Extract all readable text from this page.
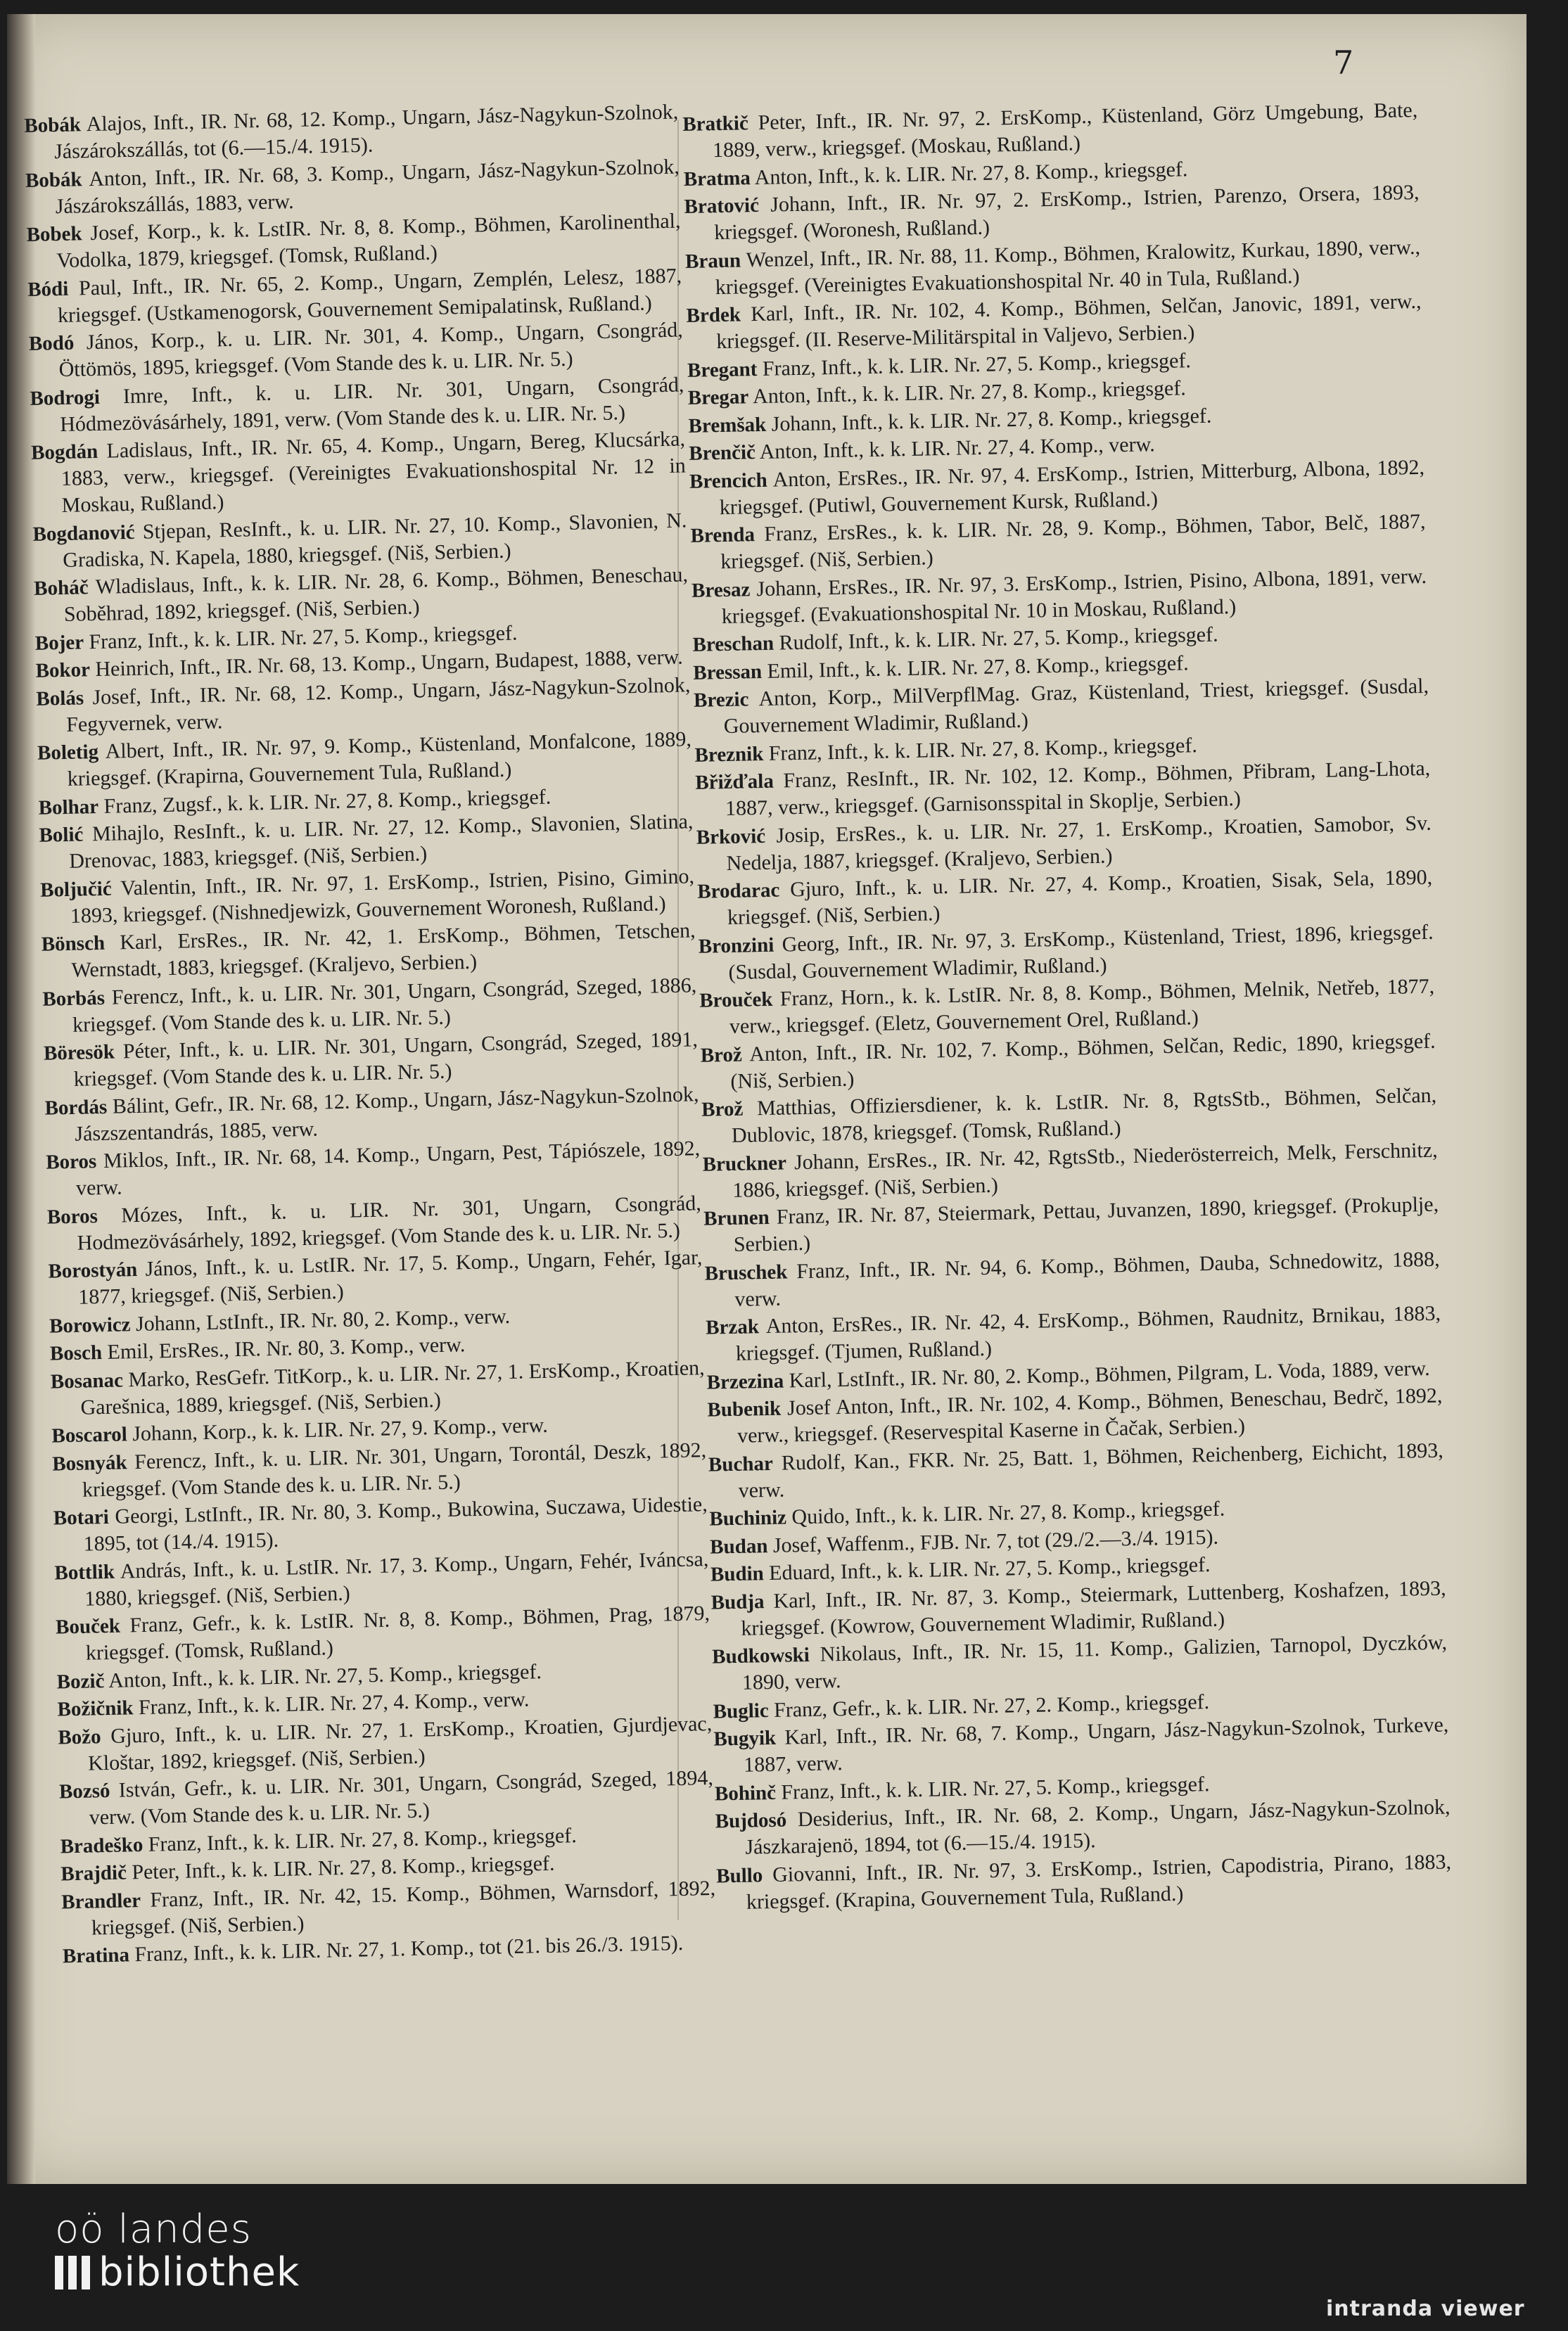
7
Bobák Alajos, Inft., IR. Nr. 68, 12. Komp., Ungarn, Jász-Nagykun-Szolnok, Jászárokszállás, tot (6.—15./4. 1915).
Bobák Anton, Inft., IR. Nr. 68, 3. Komp., Ungarn, Jász-Nagykun-Szolnok, Jászárokszállás, 1883, verw.
Bobek Josef, Korp., k. k. LstIR. Nr. 8, 8. Komp., Böhmen, Karolinenthal, Vodolka, 1879, kriegsgef. (Tomsk, Rußland.)
Bódi Paul, Inft., IR. Nr. 65, 2. Komp., Ungarn, Zemplén, Lelesz, 1887, kriegsgef. (Ustkamenogorsk, Gouvernement Semipalatinsk, Rußland.)
Bodó János, Korp., k. u. LIR. Nr. 301, 4. Komp., Ungarn, Csongrád, Öttömös, 1895, kriegsgef. (Vom Stande des k. u. LIR. Nr. 5.)
Bodrogi Imre, Inft., k. u. LIR. Nr. 301, Ungarn, Csongrád, Hódmezövásárhely, 1891, verw. (Vom Stande des k. u. LIR. Nr. 5.)
Bogdán Ladislaus, Inft., IR. Nr. 65, 4. Komp., Ungarn, Bereg, Klucsárka, 1883, verw., kriegsgef. (Vereinigtes Evakuationshospital Nr. 12 in Moskau, Rußland.)
Bogdanović Stjepan, ResInft., k. u. LIR. Nr. 27, 10. Komp., Slavonien, N. Gradiska, N. Kapela, 1880, kriegsgef. (Niš, Serbien.)
Boháč Wladislaus, Inft., k. k. LIR. Nr. 28, 6. Komp., Böhmen, Beneschau, Soběhrad, 1892, kriegsgef. (Niš, Serbien.)
Bojer Franz, Inft., k. k. LIR. Nr. 27, 5. Komp., kriegsgef.
Bokor Heinrich, Inft., IR. Nr. 68, 13. Komp., Ungarn, Budapest, 1888, verw.
Bolás Josef, Inft., IR. Nr. 68, 12. Komp., Ungarn, Jász-Nagykun-Szolnok, Fegyvernek, verw.
Boletig Albert, Inft., IR. Nr. 97, 9. Komp., Küstenland, Monfalcone, 1889, kriegsgef. (Krapirna, Gouvernement Tula, Rußland.)
Bolhar Franz, Zugsf., k. k. LIR. Nr. 27, 8. Komp., kriegsgef.
Bolić Mihajlo, ResInft., k. u. LIR. Nr. 27, 12. Komp., Slavonien, Slatina, Drenovac, 1883, kriegsgef. (Niš, Serbien.)
Boljučić Valentin, Inft., IR. Nr. 97, 1. ErsKomp., Istrien, Pisino, Gimino, 1893, kriegsgef. (Nishnedjewizk, Gouvernement Woronesh, Rußland.)
Bönsch Karl, ErsRes., IR. Nr. 42, 1. ErsKomp., Böhmen, Tetschen, Wernstadt, 1883, kriegsgef. (Kraljevo, Serbien.)
Borbás Ferencz, Inft., k. u. LIR. Nr. 301, Ungarn, Csongrád, Szeged, 1886, kriegsgef. (Vom Stande des k. u. LIR. Nr. 5.)
Böresök Péter, Inft., k. u. LIR. Nr. 301, Ungarn, Csongrád, Szeged, 1891, kriegsgef. (Vom Stande des k. u. LIR. Nr. 5.)
Bordás Bálint, Gefr., IR. Nr. 68, 12. Komp., Ungarn, Jász-Nagykun-Szolnok, Jászszentandrás, 1885, verw.
Boros Miklos, Inft., IR. Nr. 68, 14. Komp., Ungarn, Pest, Tápiószele, 1892, verw.
Boros Mózes, Inft., k. u. LIR. Nr. 301, Ungarn, Csongrád, Hodmezövásárhely, 1892, kriegsgef. (Vom Stande des k. u. LIR. Nr. 5.)
Borostyán János, Inft., k. u. LstIR. Nr. 17, 5. Komp., Ungarn, Fehér, Igar, 1877, kriegsgef. (Niš, Serbien.)
Borowicz Johann, LstInft., IR. Nr. 80, 2. Komp., verw.
Bosch Emil, ErsRes., IR. Nr. 80, 3. Komp., verw.
Bosanac Marko, ResGefr. TitKorp., k. u. LIR. Nr. 27, 1. ErsKomp., Kroatien, Garešnica, 1889, kriegsgef. (Niš, Serbien.)
Boscarol Johann, Korp., k. k. LIR. Nr. 27, 9. Komp., verw.
Bosnyák Ferencz, Inft., k. u. LIR. Nr. 301, Ungarn, Torontál, Deszk, 1892, kriegsgef. (Vom Stande des k. u. LIR. Nr. 5.)
Botari Georgi, LstInft., IR. Nr. 80, 3. Komp., Bukowina, Suczawa, Uidestie, 1895, tot (14./4. 1915).
Bottlik András, Inft., k. u. LstIR. Nr. 17, 3. Komp., Ungarn, Fehér, Iváncsa, 1880, kriegsgef. (Niš, Serbien.)
Bouček Franz, Gefr., k. k. LstIR. Nr. 8, 8. Komp., Böhmen, Prag, 1879, kriegsgef. (Tomsk, Rußland.)
Bozič Anton, Inft., k. k. LIR. Nr. 27, 5. Komp., kriegsgef.
Božičnik Franz, Inft., k. k. LIR. Nr. 27, 4. Komp., verw.
Božo Gjuro, Inft., k. u. LIR. Nr. 27, 1. ErsKomp., Kroatien, Gjurdjevac, Kloštar, 1892, kriegsgef. (Niš, Serbien.)
Bozsó István, Gefr., k. u. LIR. Nr. 301, Ungarn, Csongrád, Szeged, 1894, verw. (Vom Stande des k. u. LIR. Nr. 5.)
Bradeško Franz, Inft., k. k. LIR. Nr. 27, 8. Komp., kriegsgef.
Brajdič Peter, Inft., k. k. LIR. Nr. 27, 8. Komp., kriegsgef.
Brandler Franz, Inft., IR. Nr. 42, 15. Komp., Böhmen, Warnsdorf, 1892, kriegsgef. (Niš, Serbien.)
Bratina Franz, Inft., k. k. LIR. Nr. 27, 1. Komp., tot (21. bis 26./3. 1915).
Bratkič Peter, Inft., IR. Nr. 97, 2. ErsKomp., Küstenland, Görz Umgebung, Bate, 1889, verw., kriegsgef. (Moskau, Rußland.)
Bratma Anton, Inft., k. k. LIR. Nr. 27, 8. Komp., kriegsgef.
Bratović Johann, Inft., IR. Nr. 97, 2. ErsKomp., Istrien, Parenzo, Orsera, 1893, kriegsgef. (Woronesh, Rußland.)
Braun Wenzel, Inft., IR. Nr. 88, 11. Komp., Böhmen, Kralowitz, Kurkau, 1890, verw., kriegsgef. (Vereinigtes Evakuationshospital Nr. 40 in Tula, Rußland.)
Brdek Karl, Inft., IR. Nr. 102, 4. Komp., Böhmen, Selčan, Janovic, 1891, verw., kriegsgef. (II. Reserve-Militärspital in Valjevo, Serbien.)
Bregant Franz, Inft., k. k. LIR. Nr. 27, 5. Komp., kriegsgef.
Bregar Anton, Inft., k. k. LIR. Nr. 27, 8. Komp., kriegsgef.
Bremšak Johann, Inft., k. k. LIR. Nr. 27, 8. Komp., kriegsgef.
Brenčič Anton, Inft., k. k. LIR. Nr. 27, 4. Komp., verw.
Brencich Anton, ErsRes., IR. Nr. 97, 4. ErsKomp., Istrien, Mitterburg, Albona, 1892, kriegsgef. (Putiwl, Gouvernement Kursk, Rußland.)
Brenda Franz, ErsRes., k. k. LIR. Nr. 28, 9. Komp., Böhmen, Tabor, Belč, 1887, kriegsgef. (Niš, Serbien.)
Bresaz Johann, ErsRes., IR. Nr. 97, 3. ErsKomp., Istrien, Pisino, Albona, 1891, verw. kriegsgef. (Evakuationshospital Nr. 10 in Moskau, Rußland.)
Breschan Rudolf, Inft., k. k. LIR. Nr. 27, 5. Komp., kriegsgef.
Bressan Emil, Inft., k. k. LIR. Nr. 27, 8. Komp., kriegsgef.
Brezic Anton, Korp., MilVerpflMag. Graz, Küstenland, Triest, kriegsgef. (Susdal, Gouvernement Wladimir, Rußland.)
Breznik Franz, Inft., k. k. LIR. Nr. 27, 8. Komp., kriegsgef.
Břižďala Franz, ResInft., IR. Nr. 102, 12. Komp., Böhmen, Přibram, Lang-Lhota, 1887, verw., kriegsgef. (Garnisonsspital in Skoplje, Serbien.)
Brković Josip, ErsRes., k. u. LIR. Nr. 27, 1. ErsKomp., Kroatien, Samobor, Sv. Nedelja, 1887, kriegsgef. (Kraljevo, Serbien.)
Brodarac Gjuro, Inft., k. u. LIR. Nr. 27, 4. Komp., Kroatien, Sisak, Sela, 1890, kriegsgef. (Niš, Serbien.)
Bronzini Georg, Inft., IR. Nr. 97, 3. ErsKomp., Küstenland, Triest, 1896, kriegsgef. (Susdal, Gouvernement Wladimir, Rußland.)
Brouček Franz, Horn., k. k. LstIR. Nr. 8, 8. Komp., Böhmen, Melnik, Netřeb, 1877, verw., kriegsgef. (Eletz, Gouvernement Orel, Rußland.)
Brož Anton, Inft., IR. Nr. 102, 7. Komp., Böhmen, Selčan, Redic, 1890, kriegsgef. (Niš, Serbien.)
Brož Matthias, Offiziersdiener, k. k. LstIR. Nr. 8, RgtsStb., Böhmen, Selčan, Dublovic, 1878, kriegsgef. (Tomsk, Rußland.)
Bruckner Johann, ErsRes., IR. Nr. 42, RgtsStb., Niederösterreich, Melk, Ferschnitz, 1886, kriegsgef. (Niš, Serbien.)
Brunen Franz, IR. Nr. 87, Steiermark, Pettau, Juvanzen, 1890, kriegsgef. (Prokuplje, Serbien.)
Bruschek Franz, Inft., IR. Nr. 94, 6. Komp., Böhmen, Dauba, Schnedowitz, 1888, verw.
Brzak Anton, ErsRes., IR. Nr. 42, 4. ErsKomp., Böhmen, Raudnitz, Brnikau, 1883, kriegsgef. (Tjumen, Rußland.)
Brzezina Karl, LstInft., IR. Nr. 80, 2. Komp., Böhmen, Pilgram, L. Voda, 1889, verw.
Bubenik Josef Anton, Inft., IR. Nr. 102, 4. Komp., Böhmen, Beneschau, Bedrč, 1892, verw., kriegsgef. (Reservespital Kaserne in Čačak, Serbien.)
Buchar Rudolf, Kan., FKR. Nr. 25, Batt. 1, Böhmen, Reichenberg, Eichicht, 1893, verw.
Buchiniz Quido, Inft., k. k. LIR. Nr. 27, 8. Komp., kriegsgef.
Budan Josef, Waffenm., FJB. Nr. 7, tot (29./2.—3./4. 1915).
Budin Eduard, Inft., k. k. LIR. Nr. 27, 5. Komp., kriegsgef.
Budja Karl, Inft., IR. Nr. 87, 3. Komp., Steiermark, Luttenberg, Koshafzen, 1893, kriegsgef. (Kowrow, Gouvernement Wladimir, Rußland.)
Budkowski Nikolaus, Inft., IR. Nr. 15, 11. Komp., Galizien, Tarnopol, Dyczków, 1890, verw.
Buglic Franz, Gefr., k. k. LIR. Nr. 27, 2. Komp., kriegsgef.
Bugyik Karl, Inft., IR. Nr. 68, 7. Komp., Ungarn, Jász-Nagykun-Szolnok, Turkeve, 1887, verw.
Bohinč Franz, Inft., k. k. LIR. Nr. 27, 5. Komp., kriegsgef.
Bujdosó Desiderius, Inft., IR. Nr. 68, 2. Komp., Ungarn, Jász-Nagykun-Szolnok, Jászkarajenö, 1894, tot (6.—15./4. 1915).
Bullo Giovanni, Inft., IR. Nr. 97, 3. ErsKomp., Istrien, Capodistria, Pirano, 1883, kriegsgef. (Krapina, Gouvernement Tula, Rußland.)
oö landes
bibliothek
intranda viewer
